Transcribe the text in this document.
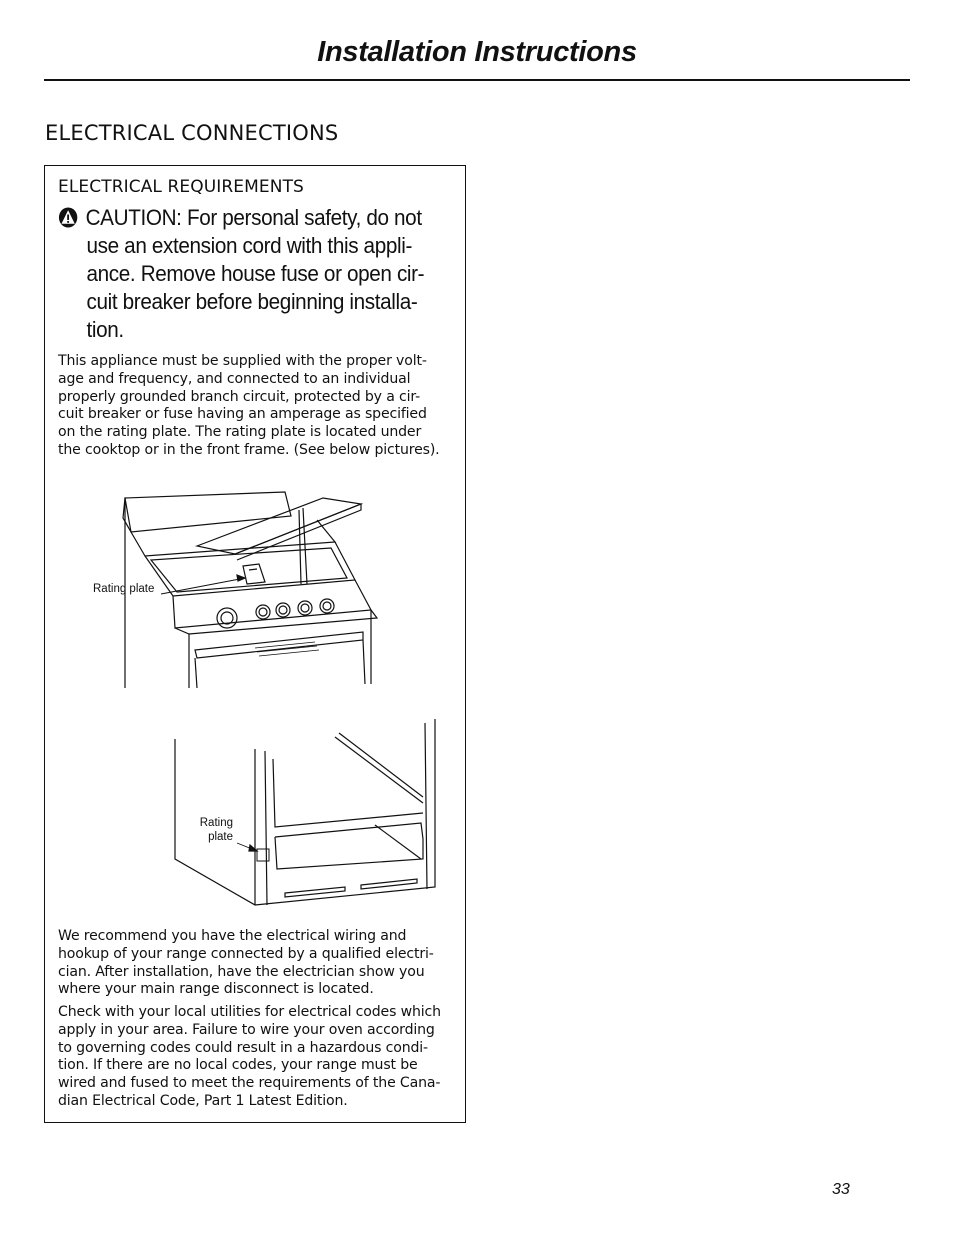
Installation Instructions
ELECTRICAL CONNECTIONS
ELECTRICAL REQUIREMENTS
CAUTION: For personal safety, do not
use an extension cord with this appli-
ance. Remove house fuse or open cir-
cuit breaker before beginning installa-
tion.
This appliance must be supplied with the proper volt-
age and frequency, and connected to an individual
properly grounded branch circuit, protected by a cir-
cuit breaker or fuse having an amperage as specified
on the rating plate. The rating plate is located under
the cooktop or in the front frame. (See below pictures).
Rating plate
Rating
plate
We recommend you have the electrical wiring and
hookup of your range connected by a qualified electri-
cian. After installation, have the electrician show you
where your main range disconnect is located.
Check with your local utilities for electrical codes which
apply in your area. Failure to wire your oven according
to governing codes could result in a hazardous condi-
tion. If there are no local codes, your range must be
wired and fused to meet the requirements of the Cana-
dian Electrical Code, Part 1 Latest Edition.
33
